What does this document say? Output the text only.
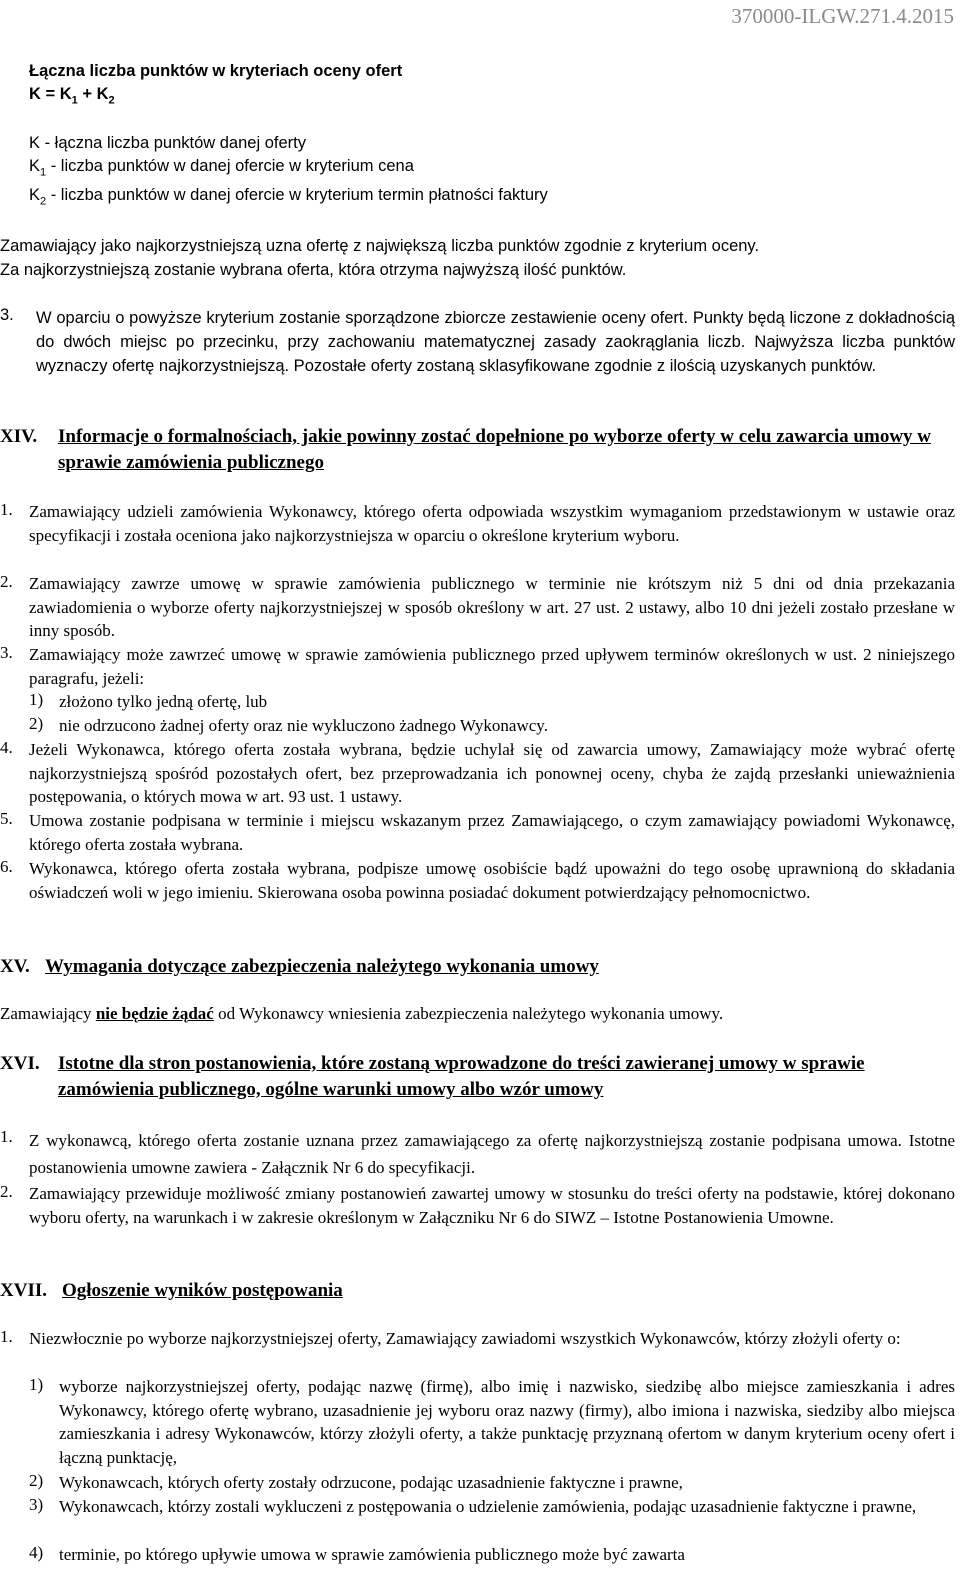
370000-ILGW.271.4.2015

Łączna liczba punktów w kryteriach oceny ofert

$K = K_1 + K_2$

K - łączna liczba punktów danej oferty

$K_1$ - liczba punktów w danej ofercie w kryterium cena

$K_2$ - liczba punktów w danej ofercie w kryterium termin płatności faktury

Zamawiający jako najkorzystniejszą uzna ofertę z największą liczba punktów zgodnie z kryterium oceny.

Za najkorzystniejszą zostanie wybrana oferta, która otrzyma najwyższą ilość punktów.

3. W oparciu o powyższe kryterium zostanie sporządzone zbiorcze zestawienie oceny ofert. Punkty będą liczone z dokładnością do dwóch miejsc po przecinku, przy zachowaniu matematycznej zasady zaokrąglania liczb. Najwyższa liczba punktów wyznaczy ofertę najkorzystniejszą. Pozostałe oferty zostaną sklasyfikowane zgodnie z ilością uzyskanych punktów.
XIV. Informacje o formalnościach, jakie powinny zostać dopełnione po wyborze oferty w celu zawarcia umowy w sprawie zamówienia publicznego
1. Zamawiający udzieli zamówienia Wykonawcy, którego oferta odpowiada wszystkim wymaganiom przedstawionym w ustawie oraz specyfikacji i została oceniona jako najkorzystniejsza w oparciu o określone kryterium wyboru.
2. Zamawiający zawrze umowę w sprawie zamówienia publicznego w terminie nie krótszym niż 5 dni od dnia przekazania zawiadomienia o wyborze oferty najkorzystniejszej w sposób określony w art. 27 ust. 2 ustawy, albo 10 dni jeżeli zostało przesłane w inny sposób.
3. Zamawiający może zawrzeć umowę w sprawie zamówienia publicznego przed upływem terminów określonych w ust. 2 niniejszego paragrafu, jeżeli:
1) złożono tylko jedną ofertę, lub
2) nie odrzucono żadnej oferty oraz nie wykluczono żadnego Wykonawcy.
4. Jeżeli Wykonawca, którego oferta została wybrana, będzie uchylał się od zawarcia umowy, Zamawiający może wybrać ofertę najkorzystniejszą spośród pozostałych ofert, bez przeprowadzania ich ponownej oceny, chyba że zajdą przesłanki unieważnienia postępowania, o których mowa w art. 93 ust. 1 ustawy.
5. Umowa zostanie podpisana w terminie i miejscu wskazanym przez Zamawiającego, o czym zamawiający powiadomi Wykonawcę, którego oferta została wybrana.
6. Wykonawca, którego oferta została wybrana, podpisze umowę osobiście bądź upoważni do tego osobę uprawnioną do składania oświadczeń woli w jego imieniu. Skierowana osoba powinna posiadać dokument potwierdzający pełnomocnictwo.
XV. Wymagania dotyczące zabezpieczenia należytego wykonania umowy
Zamawiający nie będzie żądać od Wykonawcy wniesienia zabezpieczenia należytego wykonania umowy.
XVI. Istotne dla stron postanowienia, które zostaną wprowadzone do treści zawieranej umowy w sprawie zamówienia publicznego, ogólne warunki umowy albo wzór umowy
1. Z wykonawcą, którego oferta zostanie uznana przez zamawiającego za ofertę najkorzystniejszą zostanie podpisana umowa. Istotne postanowienia umowne zawiera - Załącznik Nr 6 do specyfikacji.
2. Zamawiający przewiduje możliwość zmiany postanowień zawartej umowy w stosunku do treści oferty na podstawie, której dokonano wyboru oferty, na warunkach i w zakresie określonym w Załączniku Nr 6 do SIWZ – Istotne Postanowienia Umowne.
XVII. Ogłoszenie wyników postępowania
1. Niezwłocznie po wyborze najkorzystniejszej oferty, Zamawiający zawiadomi wszystkich Wykonawców, którzy złożyli oferty o:
1) wyborze najkorzystniejszej oferty, podając nazwę (firmę), albo imię i nazwisko, siedzibę albo miejsce zamieszkania i adres Wykonawcy, którego ofertę wybrano, uzasadnienie jej wyboru oraz nazwy (firmy), albo imiona i nazwiska, siedziby albo miejsca zamieszkania i adresy Wykonawców, którzy złożyli oferty, a także punktację przyznaną ofertom w danym kryterium oceny ofert i łączną punktację,
2) Wykonawcach, których oferty zostały odrzucone, podając uzasadnienie faktyczne i prawne,
3) Wykonawcach, którzy zostali wykluczeni z postępowania o udzielenie zamówienia, podając uzasadnienie faktyczne i prawne,
4) terminie, po którego upływie umowa w sprawie zamówienia publicznego może być zawarta
